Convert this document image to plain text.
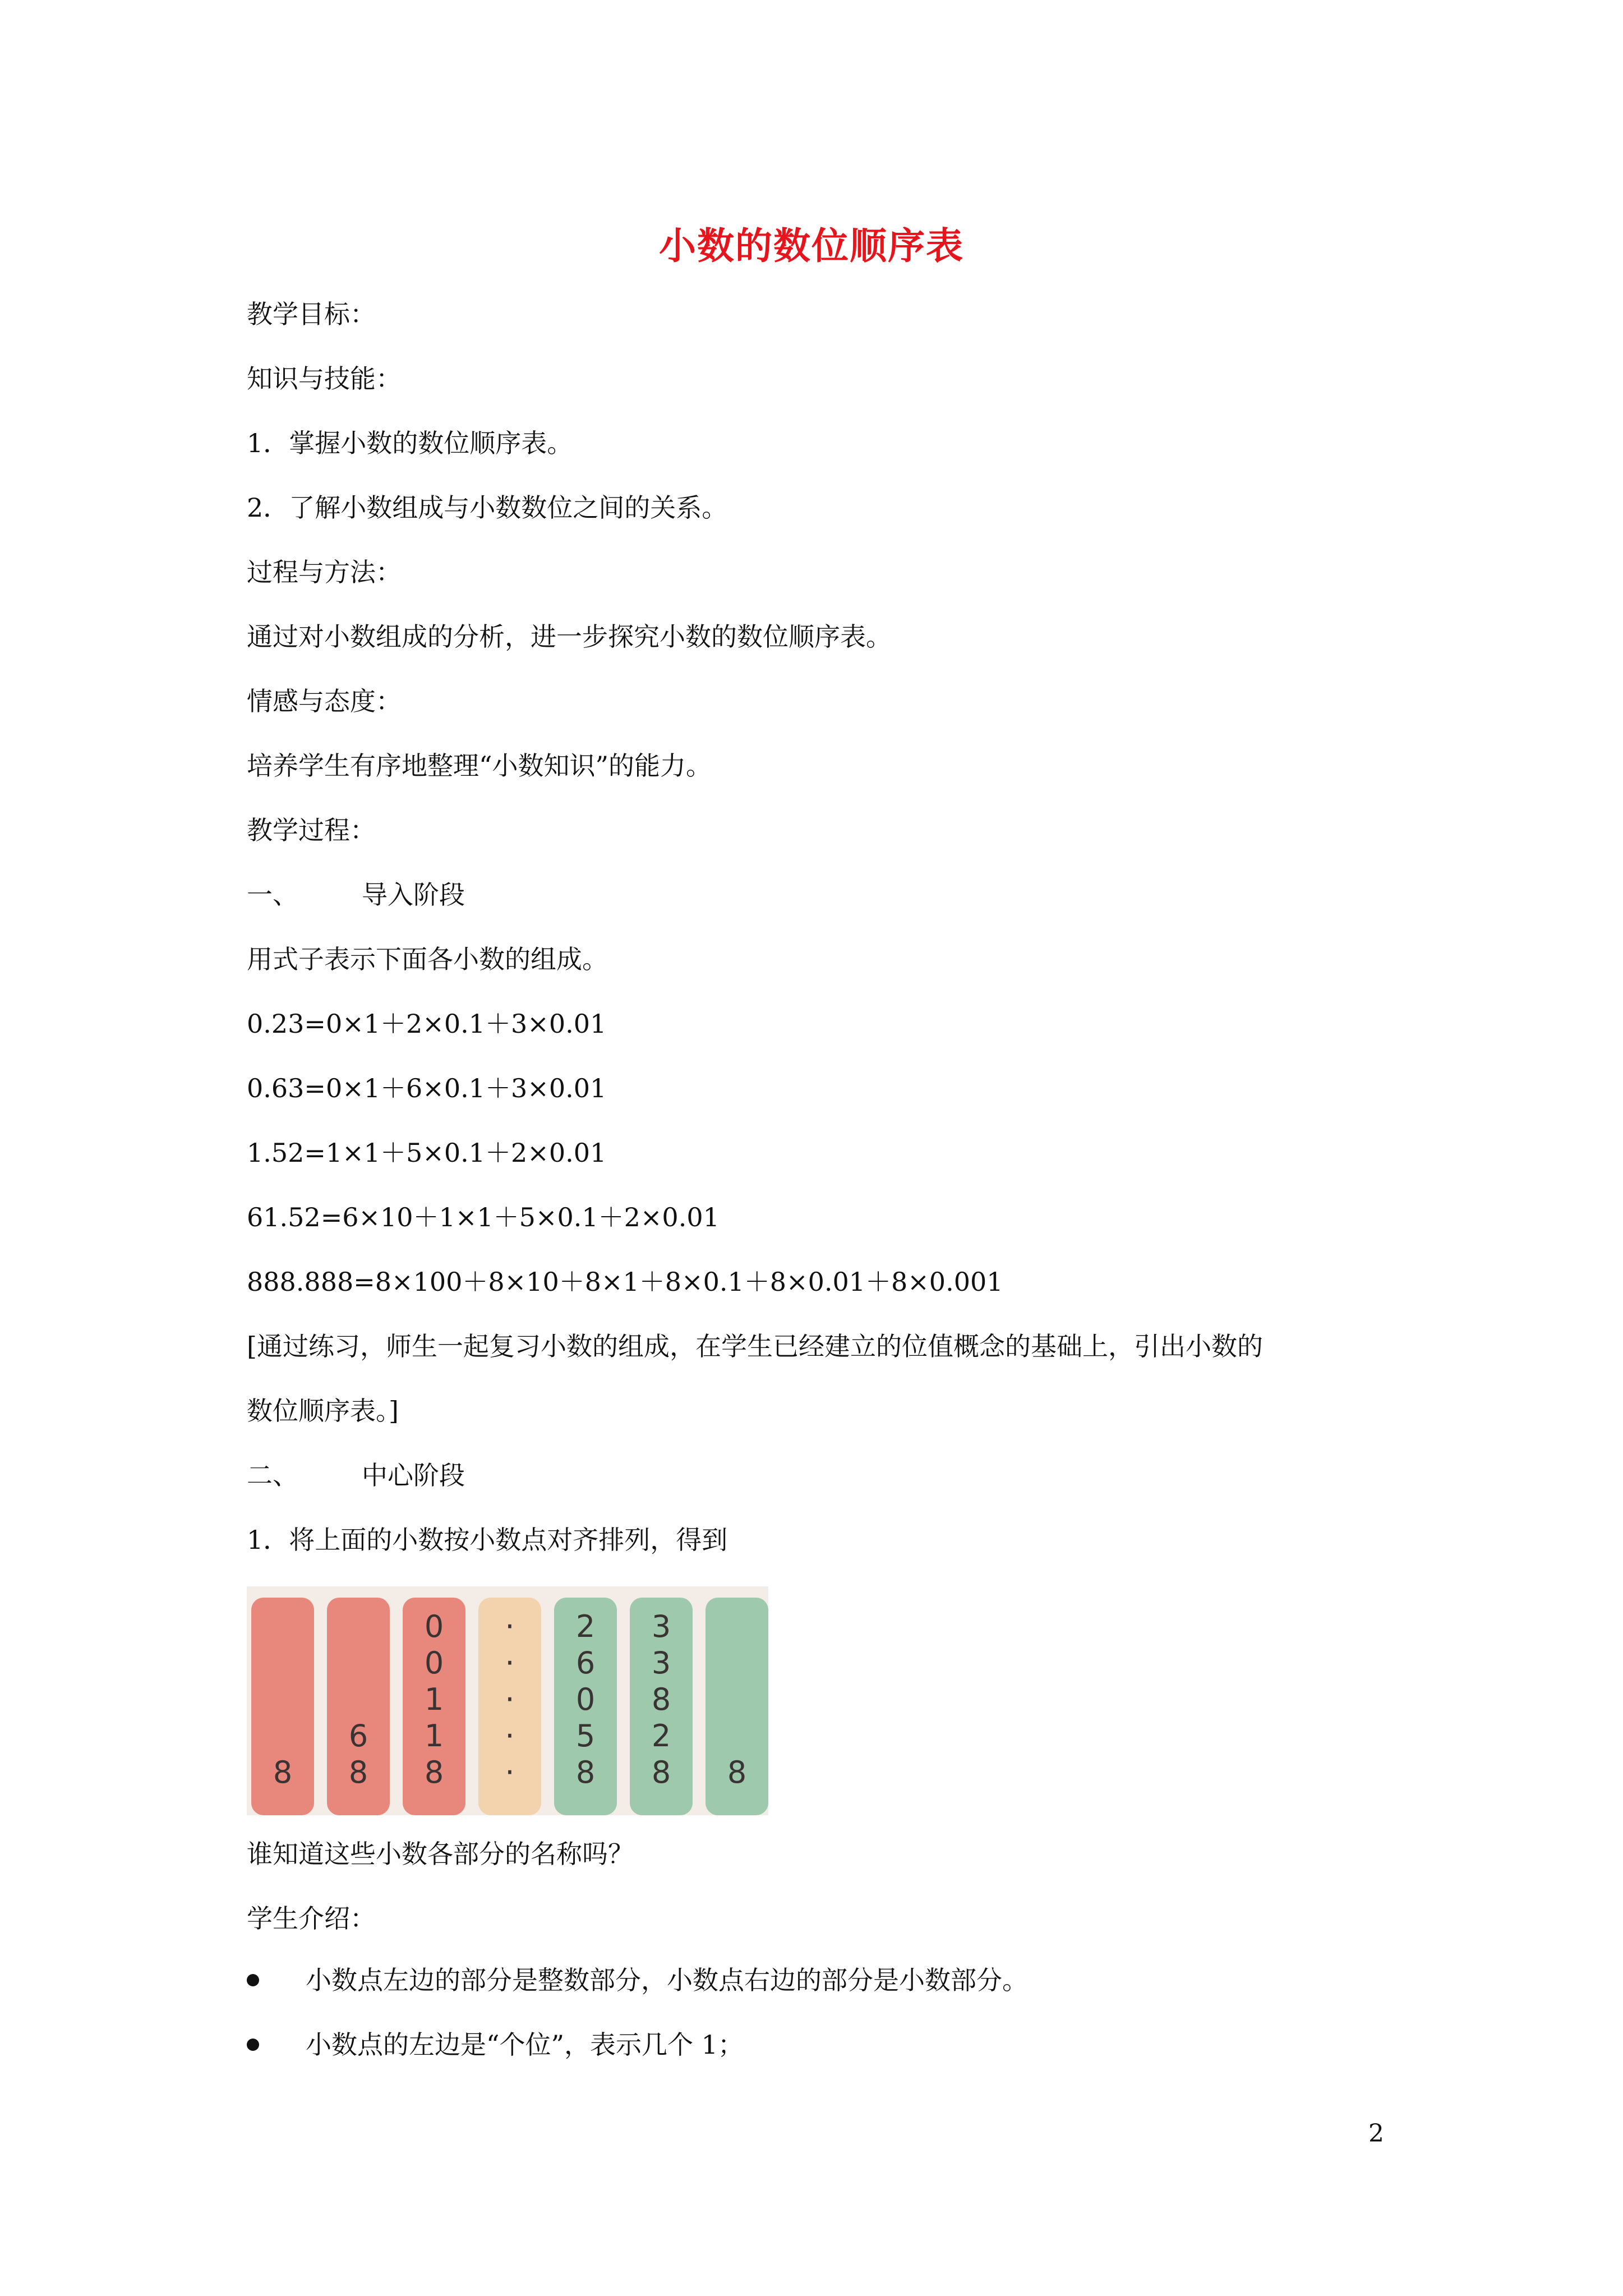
小数的数位顺序表
教学目标：
知识与技能：
1．掌握小数的数位顺序表。
2．了解小数组成与小数数位之间的关系。
过程与方法：
通过对小数组成的分析，进一步探究小数的数位顺序表。
情感与态度：
培养学生有序地整理“小数知识”的能力。
教学过程：
一、 导入阶段
用式子表示下面各小数的组成。
0.23=0×1＋2×0.1＋3×0.01
0.63=0×1＋6×0.1＋3×0.01
1.52=1×1＋5×0.1＋2×0.01
61.52=6×10＋1×1＋5×0.1＋2×0.01
888.888=8×100＋8×10＋8×1＋8×0.1＋8×0.01＋8×0.001
[通过练习，师生一起复习小数的组成，在学生已经建立的位值概念的基础上，引出小数的
数位顺序表。]
二、 中心阶段
1．将上面的小数按小数点对齐排列，得到
8
6
8
0
0
1
1
8
·
·
·
·
·
2
6
0
5
8
3
3
8
2
8	8
谁知道这些小数各部分的名称吗？
学生介绍：
小数点左边的部分是整数部分，小数点右边的部分是小数部分。
小数点的左边是“个位”，表示几个 1；
2
